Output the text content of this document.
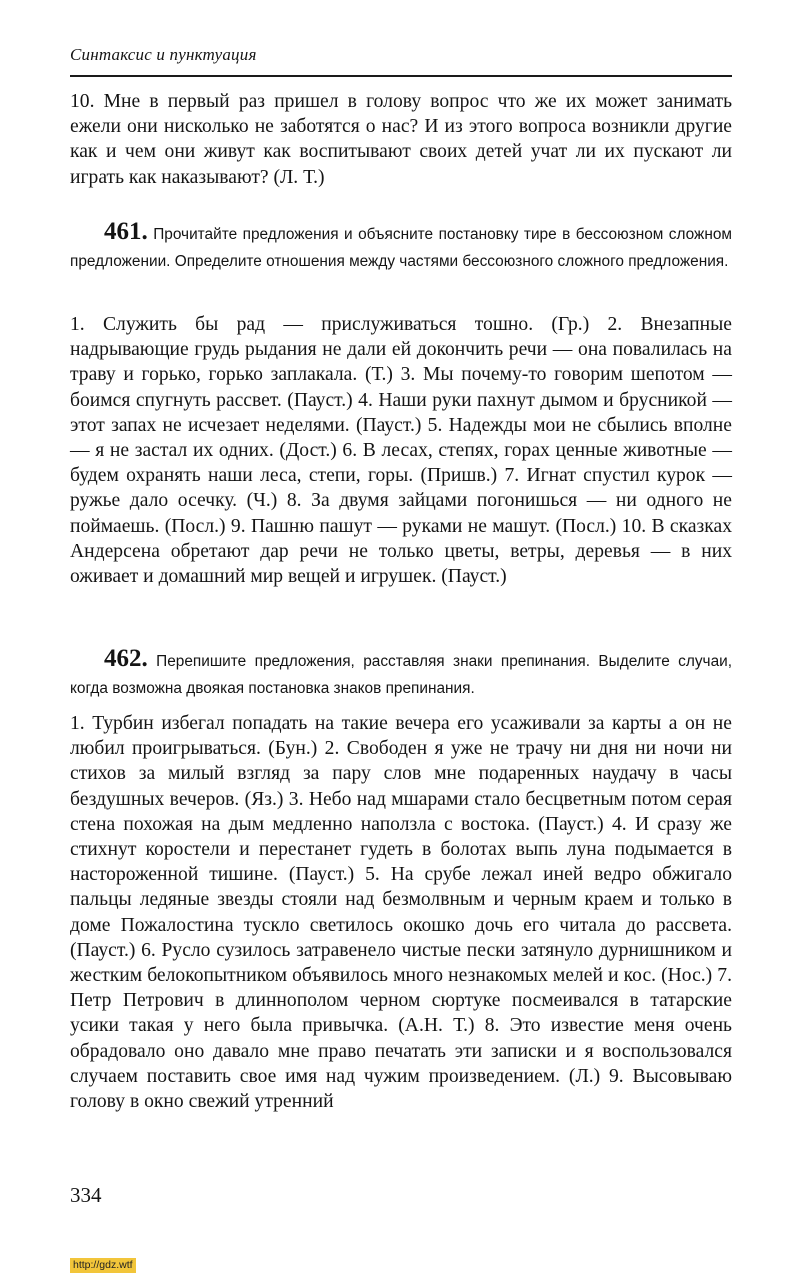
Синтаксис и пунктуация
10. Мне в первый раз пришел в голову вопрос что же их может занимать ежели они нисколько не заботятся о нас? И из этого вопроса возникли другие как и чем они живут как воспитывают своих детей учат ли их пускают ли играть как наказывают? (Л. Т.)
461. Прочитайте предложения и объясните постановку тире в бессоюзном сложном предложении. Определите отношения между частями бессоюзного сложного предложения.
1. Служить бы рад — прислуживаться тошно. (Гр.) 2. Внезапные надрывающие грудь рыдания не дали ей докончить речи — она повалилась на траву и горько, горько заплакала. (Т.) 3. Мы почему-то говорим шепотом — боимся спугнуть рассвет. (Пауст.) 4. Наши руки пахнут дымом и брусникой — этот запах не исчезает неделями. (Пауст.) 5. Надежды мои не сбылись вполне — я не застал их одних. (Дост.) 6. В лесах, степях, горах ценные животные — будем охранять наши леса, степи, горы. (Пришв.) 7. Игнат спустил курок — ружье дало осечку. (Ч.) 8. За двумя зайцами погонишься — ни одного не поймаешь. (Посл.) 9. Пашню пашут — руками не машут. (Посл.) 10. В сказках Андерсена обретают дар речи не только цветы, ветры, деревья — в них оживает и домашний мир вещей и игрушек. (Пауст.)
462. Перепишите предложения, расставляя знаки препинания. Выделите случаи, когда возможна двоякая постановка знаков препинания.
1. Турбин избегал попадать на такие вечера его усаживали за карты а он не любил проигрываться. (Бун.) 2. Свободен я уже не трачу ни дня ни ночи ни стихов за милый взгляд за пару слов мне подаренных наудачу в часы бездушных вечеров. (Яз.) 3. Небо над мшарами стало бесцветным потом серая стена похожая на дым медленно наползла с востока. (Пауст.) 4. И сразу же стихнут коростели и перестанет гудеть в болотах выпь луна подымается в настороженной тишине. (Пауст.) 5. На срубе лежал иней ведро обжигало пальцы ледяные звезды стояли над безмолвным и черным краем и только в доме Пожалостина тускло светилось окошко дочь его читала до рассвета. (Пауст.) 6. Русло сузилось затравенело чистые пески затянуло дурнишником и жестким белокопытником объявилось много незнакомых мелей и кос. (Нос.) 7. Петр Петрович в длиннополом черном сюртуке посмеивался в татарские усики такая у него была привычка. (А.Н. Т.) 8. Это известие меня очень обрадовало оно давало мне право печатать эти записки и я воспользовался случаем поставить свое имя над чужим произведением. (Л.) 9. Высовываю голову в окно свежий утренний
334
http://gdz.wtf
